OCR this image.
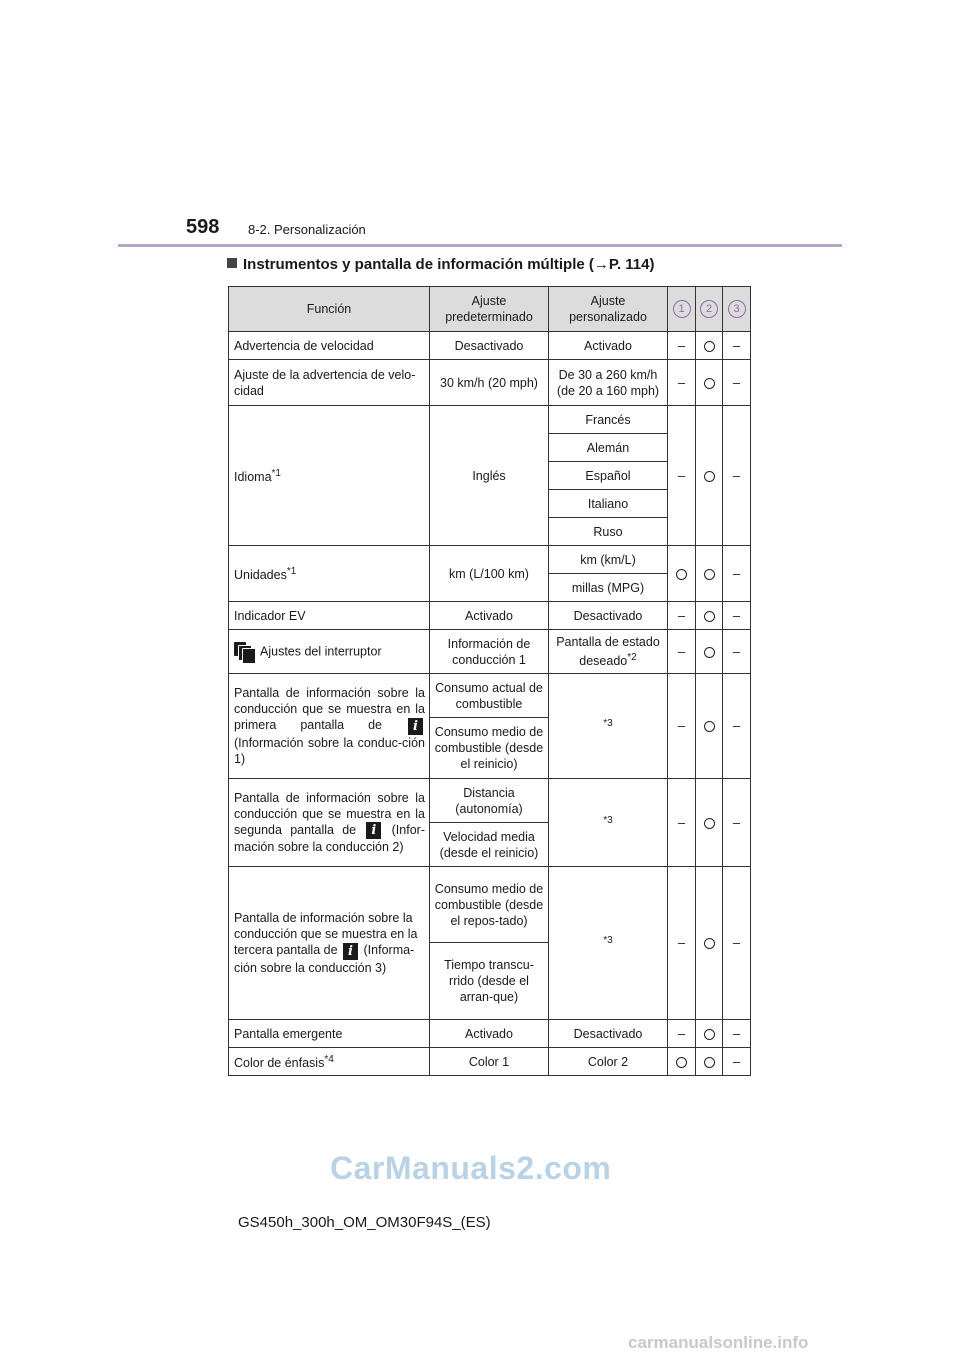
598 8-2. Personalización
Instrumentos y pantalla de información múltiple (→P. 114)
Función	Ajuste predeterminado	Ajuste personalizado	1	2	3
Advertencia de velocidad	Desactivado	Activado	–		–
Ajuste de la advertencia de velo-cidad	30 km/h (20 mph)	De 30 a 260 km/h (de 20 a 160 mph)	–		–
Idioma$^{*1}$	Inglés	Francés	–		–
		Alemán			
		Español			
		Italiano			
		Ruso			
Unidades$^{*1}$	km (L/100 km)	km (km/L)			–
		millas (MPG)			
Indicador EV	Activado	Desactivado	–		–

Ajustes del interruptor	Información de conducción 1	Pantalla de estado deseado$^{*2}$	–		–
Pantalla de información sobre la conducción que se muestra en la primera pantalla de i (Información sobre la conduc-ción 1)	Consumo actual de combustible	$^{*3}$	–		–
	Consumo medio de combustible (desde el reinicio)				
Pantalla de información sobre la conducción que se muestra en la segunda pantalla de i (Infor-mación sobre la conducción 2)	Distancia (autonomía)	$^{*3}$	–		–
	Velocidad media (desde el reinicio)				
Pantalla de información sobre la conducción que se muestra en la tercera pantalla de i (Informa-ción sobre la conducción 3)	Consumo medio de combustible (desde el repos-tado)	$^{*3}$	–		–
	Tiempo transcu-rrido (desde el arran-que)				
Pantalla emergente	Activado	Desactivado	–		–
Color de énfasis$^{*4}$	Color 1	Color 2			–
CarManuals2.com
GS450h_300h_OM_OM30F94S_(ES)
carmanualsonline.info
